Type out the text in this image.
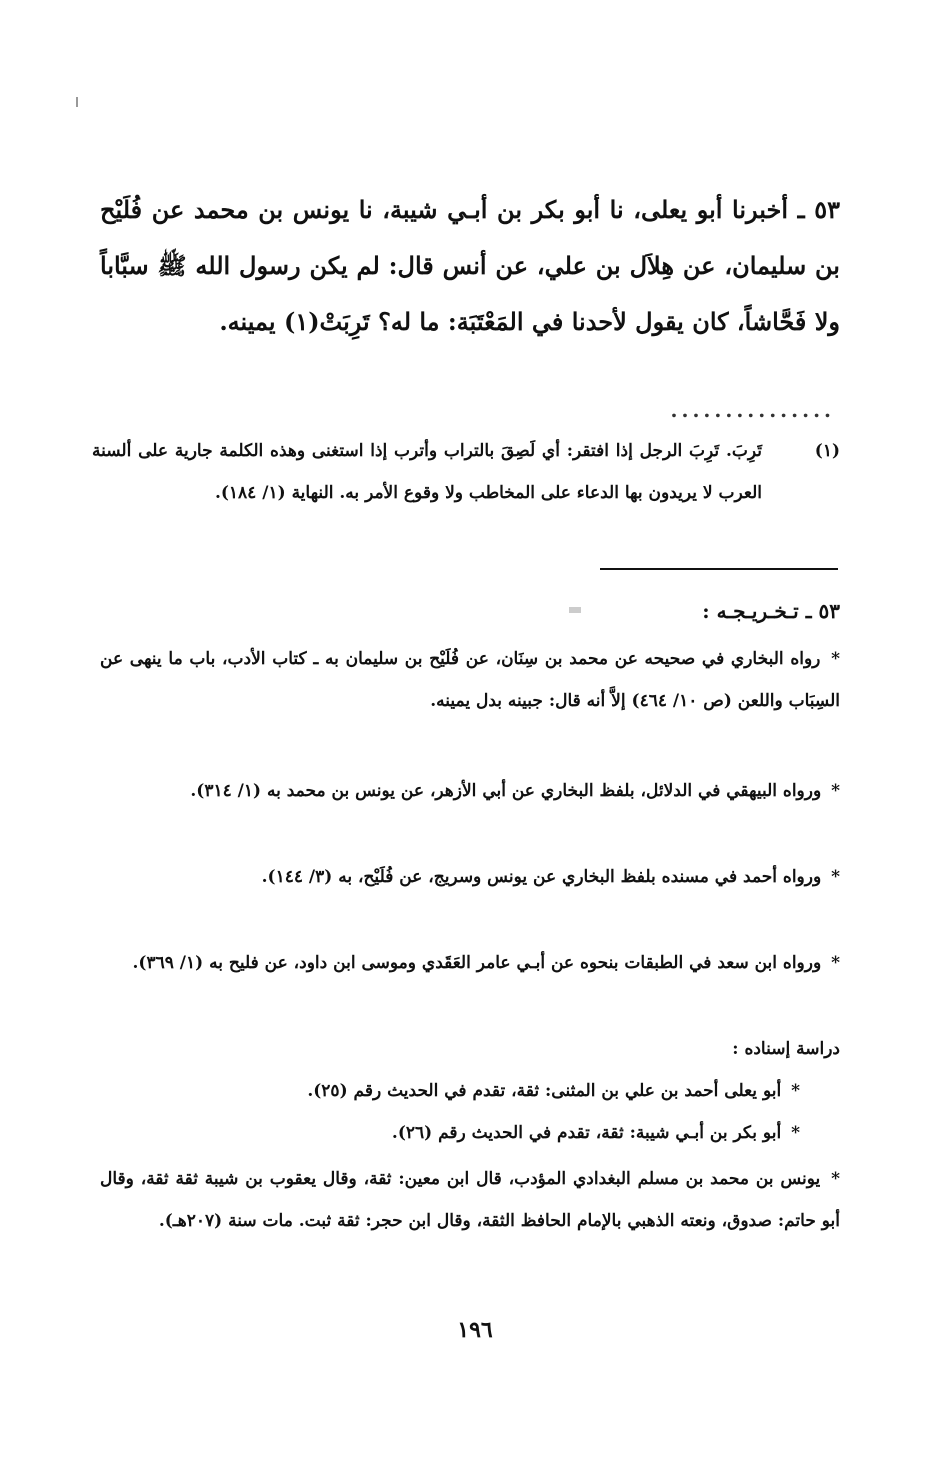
٥٣ ـ أخبرنا أبو يعلى، نا أبو بكر بن أبـي شيبة، نا يونس بن محمد عن فُلَيْح بن سليمان، عن هِلاَل بن علي، عن أنس قال: لم يكن رسول الله ﷺ سبَّاباً ولا فَحَّاشاً، كان يقول لأحدنا في المَعْتَبَة: ما له؟ تَرِبَتْ(١) يمينه.
...............
(١)
تَرِبَ. تَرِبَ الرجل إذا افتقر: أي لَصِقَ بالتراب وأترب إذا استغنى وهذه الكلمة جارية على ألسنة العرب لا يريدون بها الدعاء على المخاطب ولا وقوع الأمر به. النهاية (١/ ١٨٤).
٥٣ ـ تـخـريـجـه :
* رواه البخاري في صحيحه عن محمد بن سِنَان، عن فُلَيْح بن سليمان به ـ كتاب الأدب، باب ما ينهى عن السِبَاب واللعن (ص ١٠/ ٤٦٤) إلاَّ أنه قال: جبينه بدل يمينه.
* ورواه البيهقي في الدلائل، بلفظ البخاري عن أبي الأزهر، عن يونس بن محمد به (١/ ٣١٤).
* ورواه أحمد في مسنده بلفظ البخاري عن يونس وسريج، عن فُلَيْح، به (٣/ ١٤٤).
* ورواه ابن سعد في الطبقات بنحوه عن أبـي عامر العَقَدي وموسى ابن داود، عن فليح به (١/ ٣٦٩).
دراسة إسناده :
* أبو يعلى أحمد بن علي بن المثنى: ثقة، تقدم في الحديث رقم (٢٥).
* أبو بكر بن أبـي شيبة: ثقة، تقدم في الحديث رقم (٢٦).
* يونس بن محمد بن مسلم البغدادي المؤدب، قال ابن معين: ثقة، وقال يعقوب بن شيبة ثقة ثقة، وقال أبو حاتم: صدوق، ونعته الذهبي بالإمام الحافظ الثقة، وقال ابن حجر: ثقة ثبت. مات سنة (٢٠٧هـ).
١٩٦
